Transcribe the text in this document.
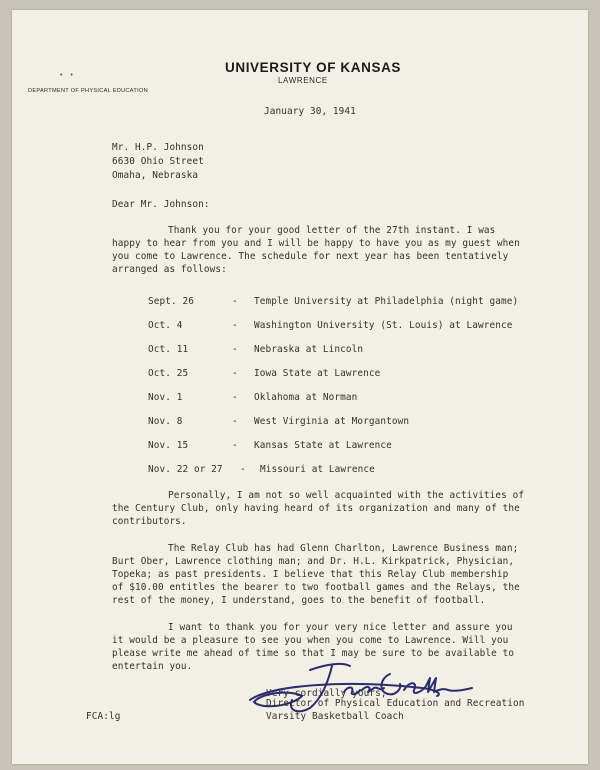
UNIVERSITY OF KANSAS
LAWRENCE
• •
DEPARTMENT OF PHYSICAL EDUCATION
January 30, 1941
Mr. H.P. Johnson
6630 Ohio Street
Omaha, Nebraska
Dear Mr. Johnson:
Thank you for your good letter of the 27th instant. I was
happy to hear from you and I will be happy to have you as my guest when
you come to Lawrence. The schedule for next year has been tentatively
arranged as follows:
Sept. 26	- Temple University at Philadelphia (night game)
Oct. 4	- Washington University (St. Louis) at Lawrence
Oct. 11	- Nebraska at Lincoln
Oct. 25	- Iowa State at Lawrence
Nov. 1	- Oklahoma at Norman
Nov. 8	- West Virginia at Morgantown
Nov. 15	- Kansas State at Lawrence
Nov. 22 or 27 - Missouri at Lawrence
Personally, I am not so well acquainted with the activities of
the Century Club, only having heard of its organization and many of the
contributors.
The Relay Club has had Glenn Charlton, Lawrence Business man;
Burt Ober, Lawrence clothing man; and Dr. H.L. Kirkpatrick, Physician,
Topeka; as past presidents. I believe that this Relay Club membership
of $10.00 entitles the bearer to two football games and the Relays, the
rest of the money, I understand, goes to the benefit of football.
I want to thank you for your very nice letter and assure you
it would be a pleasure to see you when you come to Lawrence. Will you
please write me ahead of time so that I may be sure to be available to
entertain you.
Very cordially yours,
Director of Physical Education and Recreation
Varsity Basketball Coach
FCA:lg
